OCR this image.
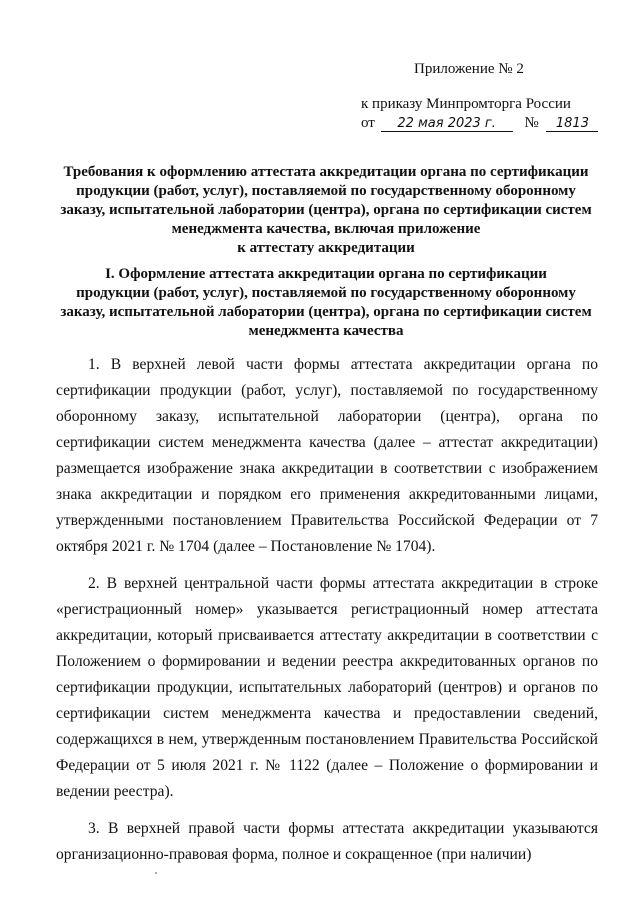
Приложение № 2
к приказу Минпромторга России
от 22 мая 2023 г. № 1813
Требования к оформлению аттестата аккредитации органа по сертификации
продукции (работ, услуг), поставляемой по государственному оборонному
заказу, испытательной лаборатории (центра), органа по сертификации систем
менеджмента качества, включая приложение
к аттестату аккредитации
I. Оформление аттестата аккредитации органа по сертификации
продукции (работ, услуг), поставляемой по государственному оборонному
заказу, испытательной лаборатории (центра), органа по сертификации систем
менеджмента качества

1. В верхней левой части формы аттестата аккредитации органа по сертификации продукции (работ, услуг), поставляемой по государственному оборонному заказу, испытательной лаборатории (центра), органа по сертификации систем менеджмента качества (далее – аттестат аккредитации) размещается изображение знака аккредитации в соответствии с изображением знака аккредитации и порядком его применения аккредитованными лицами, утвержденными постановлением Правительства Российской Федерации от 7 октября 2021 г. № 1704 (далее – Постановление № 1704).

2. В верхней центральной части формы аттестата аккредитации в строке «регистрационный номер» указывается регистрационный номер аттестата аккредитации, который присваивается аттестату аккредитации в соответствии с Положением о формировании и ведении реестра аккредитованных органов по сертификации продукции, испытательных лабораторий (центров) и органов по сертификации систем менеджмента качества и предоставлении сведений, содержащихся в нем, утвержденным постановлением Правительства Российской Федерации от 5 июля 2021 г. № 1122 (далее – Положение о формировании и ведении реестра).

3. В верхней правой части формы аттестата аккредитации указываются организационно-правовая форма, полное и сокращенное (при наличии)
